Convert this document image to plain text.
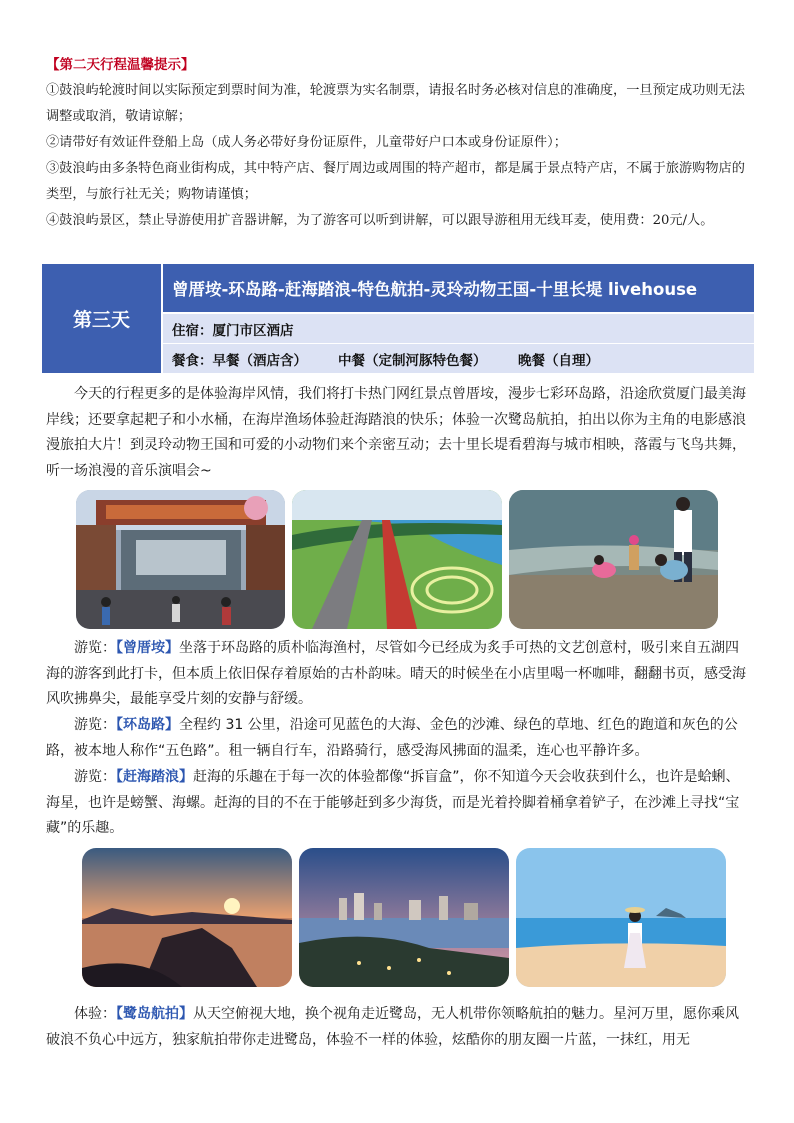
【第二天行程温馨提示】

①鼓浪屿轮渡时间以实际预定到票时间为准，轮渡票为实名制票，请报名时务必核对信息的准确度，一旦预定成功则无法调整或取消，敬请谅解；

②请带好有效证件登船上岛（成人务必带好身份证原件，儿童带好户口本或身份证原件）；

③鼓浪屿由多条特色商业街构成，其中特产店、餐厅周边或周围的特产超市，都是属于景点特产店，不属于旅游购物店的类型，与旅行社无关；购物请谨慎；

④鼓浪屿景区，禁止导游使用扩音器讲解，为了游客可以听到讲解，可以跟导游租用无线耳麦，使用费：20元/人。

第三天
曾厝垵-环岛路-赶海踏浪-特色航拍-灵玲动物王国-十里长堤 livehouse
住宿：厦门市区酒店
餐食：早餐（酒店含）	中餐（定制河豚特色餐）	晚餐（自理）
今天的行程更多的是体验海岸风情，我们将打卡热门网红景点曾厝垵，漫步七彩环岛路，沿途欣赏厦门最美海岸线；还要拿起耙子和小水桶，在海岸渔场体验赶海踏浪的快乐；体验一次鹭岛航拍，拍出以你为主角的电影感浪漫旅拍大片！到灵玲动物王国和可爱的小动物们来个亲密互动；去十里长堤看碧海与城市相映，落霞与飞鸟共舞，听一场浪漫的音乐演唱会~
游览：【曾厝垵】坐落于环岛路的质朴临海渔村，尽管如今已经成为炙手可热的文艺创意村，吸引来自五湖四海的游客到此打卡，但本质上依旧保存着原始的古朴韵味。晴天的时候坐在小店里喝一杯咖啡，翻翻书页，感受海风吹拂鼻尖，最能享受片刻的安静与舒缓。
游览：【环岛路】全程约 31 公里，沿途可见蓝色的大海、金色的沙滩、绿色的草地、红色的跑道和灰色的公路，被本地人称作“五色路”。租一辆自行车，沿路骑行，感受海风拂面的温柔，连心也平静许多。
游览：【赶海踏浪】赶海的乐趣在于每一次的体验都像“拆盲盒”，你不知道今天会收获到什么，也许是蛤蜊、海星，也许是螃蟹、海螺。赶海的目的不在于能够赶到多少海货，而是光着拎脚着桶拿着铲子，在沙滩上寻找“宝藏”的乐趣。
体验：【鹭岛航拍】从天空俯视大地，换个视角走近鹭岛，无人机带你领略航拍的魅力。星河万里，愿你乘风破浪不负心中远方，独家航拍带你走进鹭岛，体验不一样的体验，炫酷你的朋友圈一片蓝，一抹红，用无
